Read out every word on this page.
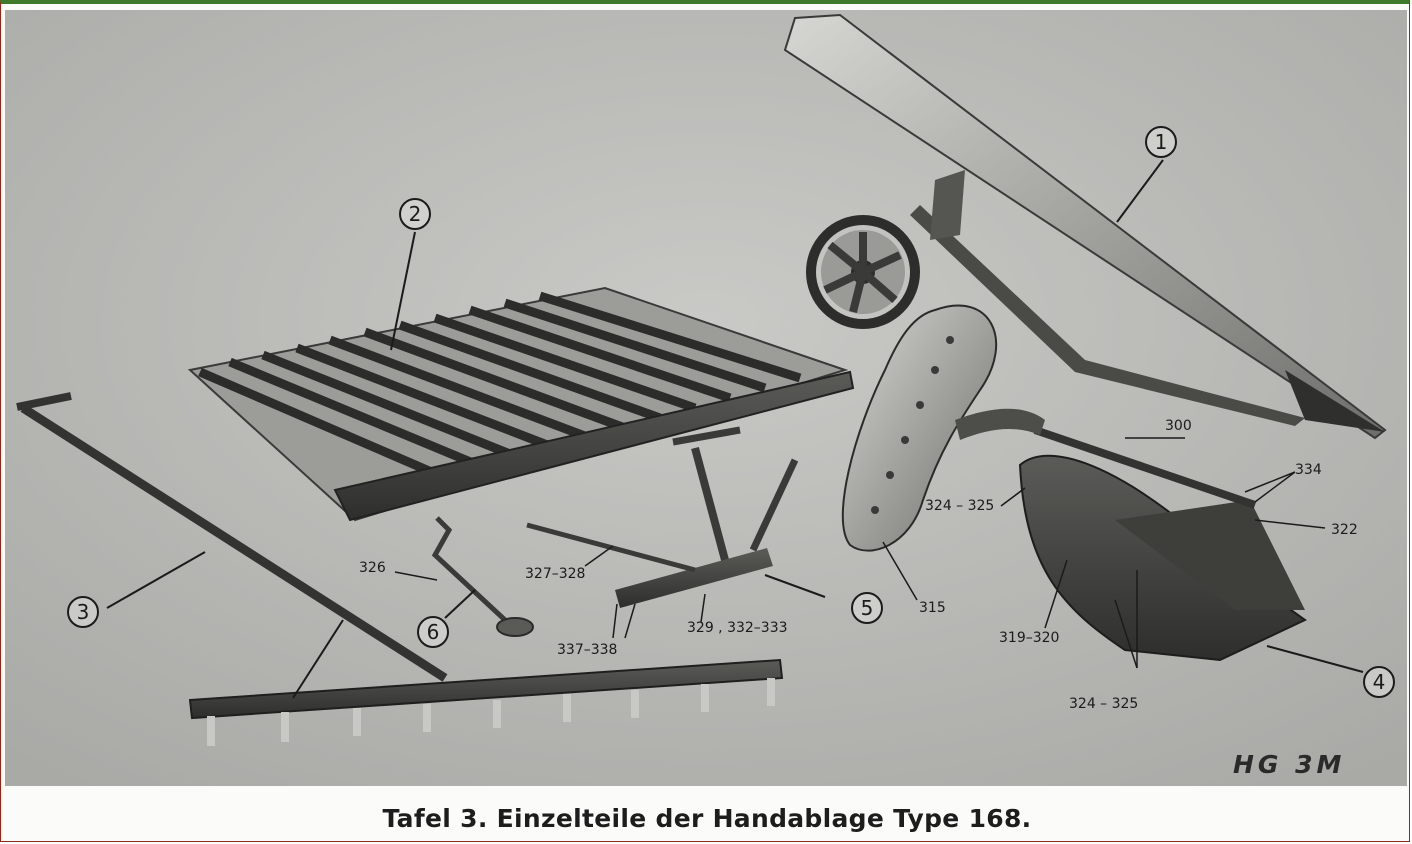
1
2
3
4
5
6
300
334
322
324 – 325
315
319–320
324 – 325
326	327–328
337–338
329 , 332–333
HG 3M
Tafel 3. Einzelteile der Handablage Type 168.
